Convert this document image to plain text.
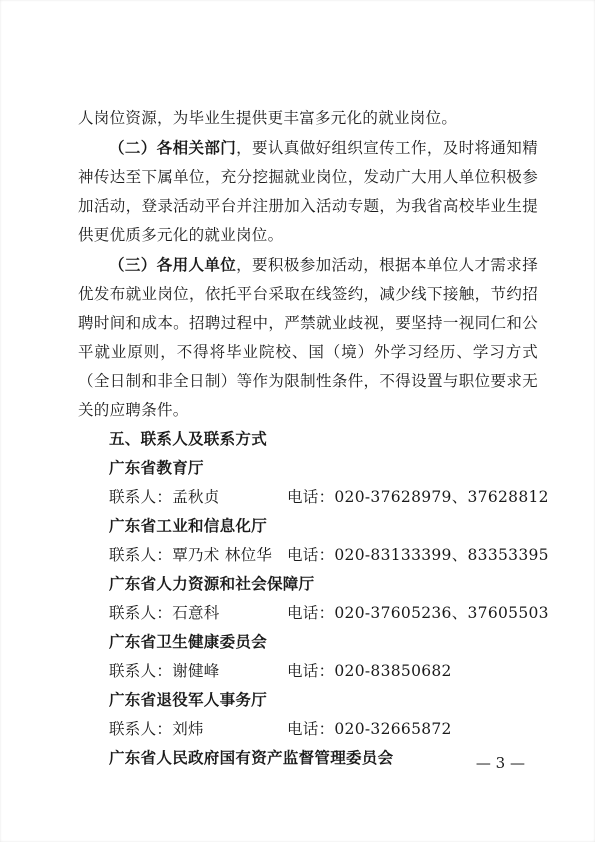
人岗位资源，为毕业生提供更丰富多元化的就业岗位。

（二）各相关部门，要认真做好组织宣传工作，及时将通知精神传达至下属单位，充分挖掘就业岗位，发动广大用人单位积极参加活动，登录活动平台并注册加入活动专题，为我省高校毕业生提供更优质多元化的就业岗位。

（三）各用人单位，要积极参加活动，根据本单位人才需求择优发布就业岗位，依托平台采取在线签约，减少线下接触，节约招聘时间和成本。招聘过程中，严禁就业歧视，要坚持一视同仁和公平就业原则，不得将毕业院校、国（境）外学习经历、学习方式（全日制和非全日制）等作为限制性条件，不得设置与职位要求无关的应聘条件。

五、联系人及联系方式

广东省教育厅

联系人：孟秋贞	电话：020-37628979、37628812

广东省工业和信息化厅

联系人：覃乃术 林位华 电话：020-83133399、83353395

广东省人力资源和社会保障厅

联系人：石意科	电话：020-37605236、37605503

广东省卫生健康委员会

联系人：谢健峰	电话：020-83850682

广东省退役军人事务厅

联系人：刘炜	电话：020-32665872

广东省人民政府国有资产监督管理委员会	— 3 —
